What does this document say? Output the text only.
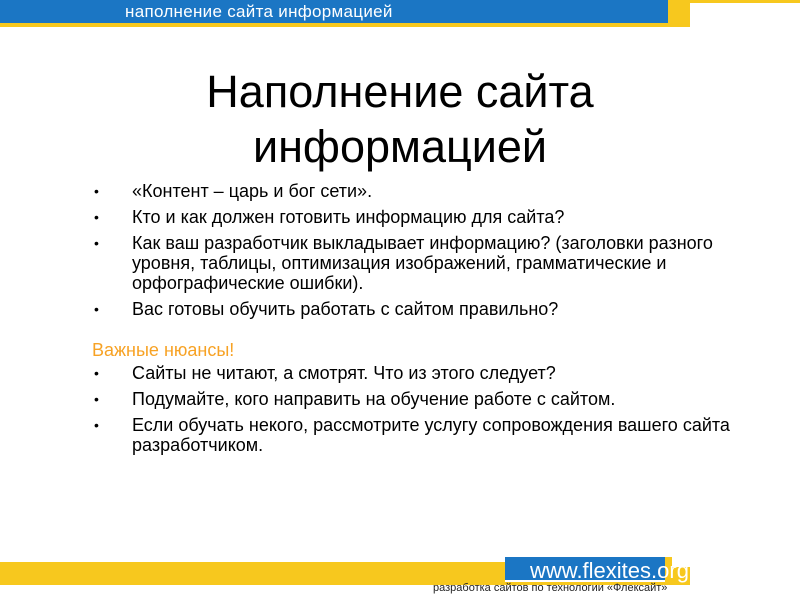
наполнение сайта информацией
Наполнение сайта
информацией
• «Контент – царь и бог сети».
• Кто и как должен готовить информацию для сайта?
• Как ваш разработчик выкладывает информацию? (заголовки разного уровня, таблицы, оптимизация изображений, грамматические и орфографические ошибки).
• Вас готовы обучить работать с сайтом правильно?
Важные нюансы!
• Сайты не читают, а смотрят. Что из этого следует?
• Подумайте, кого направить на обучение работе с сайтом.
• Если обучать некого, рассмотрите услугу сопровождения вашего сайта разработчиком.
www.flexites.org
разработка сайтов по технологии «Флексайт»
